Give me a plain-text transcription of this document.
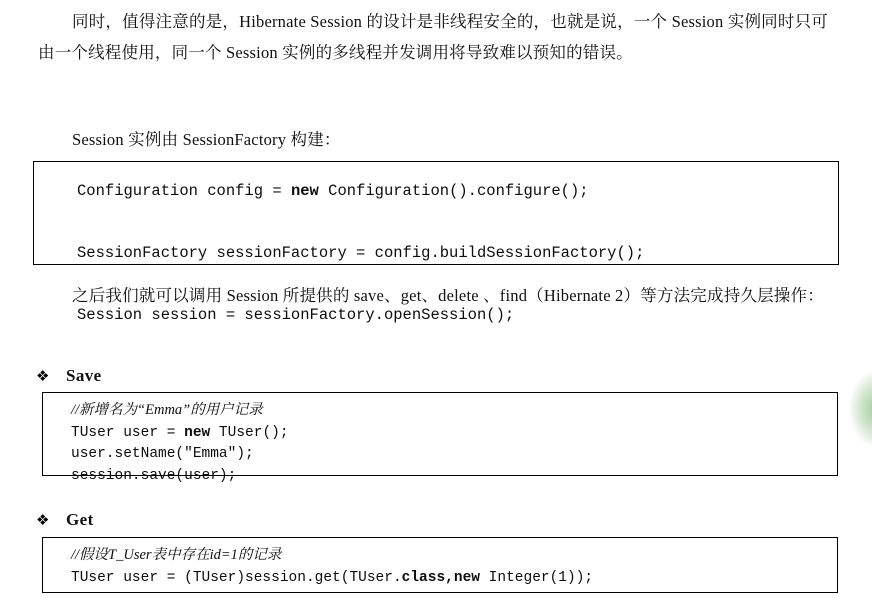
同时，值得注意的是，Hibernate Session 的设计是非线程安全的，也就是说，一个 Session 实例同时只可由一个线程使用，同一个 Session 实例的多线程并发调用将导致难以预知的错误。
Session 实例由 SessionFactory 构建：
Configuration config = new Configuration().configure();

SessionFactory sessionFactory = config.buildSessionFactory();

Session session = sessionFactory.openSession();
之后我们就可以调用 Session 所提供的 save、get、delete 、find（Hibernate 2）等方法完成持久层操作：
❖ Save
//新增名为“Emma”的用户记录
TUser user = new TUser();
user.setName("Emma");
session.save(user);
❖ Get
//假设T_User表中存在id=1的记录
TUser user = (TUser)session.get(TUser.class,new Integer(1));
